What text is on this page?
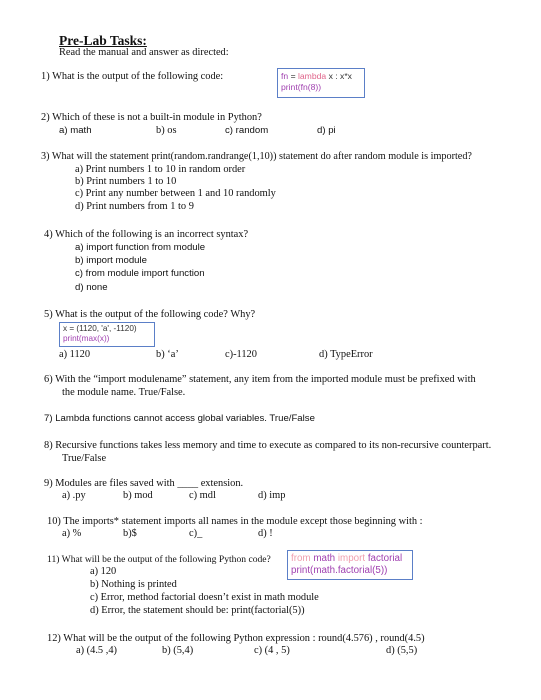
Pre-Lab Tasks:
Read the manual and answer as directed:
1) What is the output of the following code:	fn = lambda x : x*x
print(fn(8))
2) Which of these is not a built-in module in Python?
a) math	b) os	c) random	d) pi
3) What will the statement print(random.randrange(1,10)) statement do after random module is imported?
a) Print numbers 1 to 10 in random order
b) Print numbers 1 to 10
c) Print any number between 1 and 10 randomly
d) Print numbers from 1 to 9
4) Which of the following is an incorrect syntax?
a) import function from module
b) import module
c) from module import function
d) none
5) What is the output of the following code? Why?
x = (1120, 'a', -1120)
print(max(x))
a) 1120	b) ‘a’	c)-1120	d) TypeError
6) With the “import modulename” statement, any item from the imported module must be prefixed with
the module name. True/False.
7) Lambda functions cannot access global variables. True/False
8) Recursive functions takes less memory and time to execute as compared to its non-recursive counterpart.
True/False
9) Modules are files saved with ____ extension.
a) .py	b) mod	c) mdl	d) imp
10) The imports* statement imports all names in the module except those beginning with :
a) %	b)$	c)_	d) !
11) What will be the output of the following Python code? from math import factorial
print(math.factorial(5))
a) 120
b) Nothing is printed
c) Error, method factorial doesn’t exist in math module
d) Error, the statement should be: print(factorial(5))
12) What will be the output of the following Python expression : round(4.576) , round(4.5)
a) (4.5 ,4)	b) (5,4)	c) (4 , 5)	d) (5,5)
